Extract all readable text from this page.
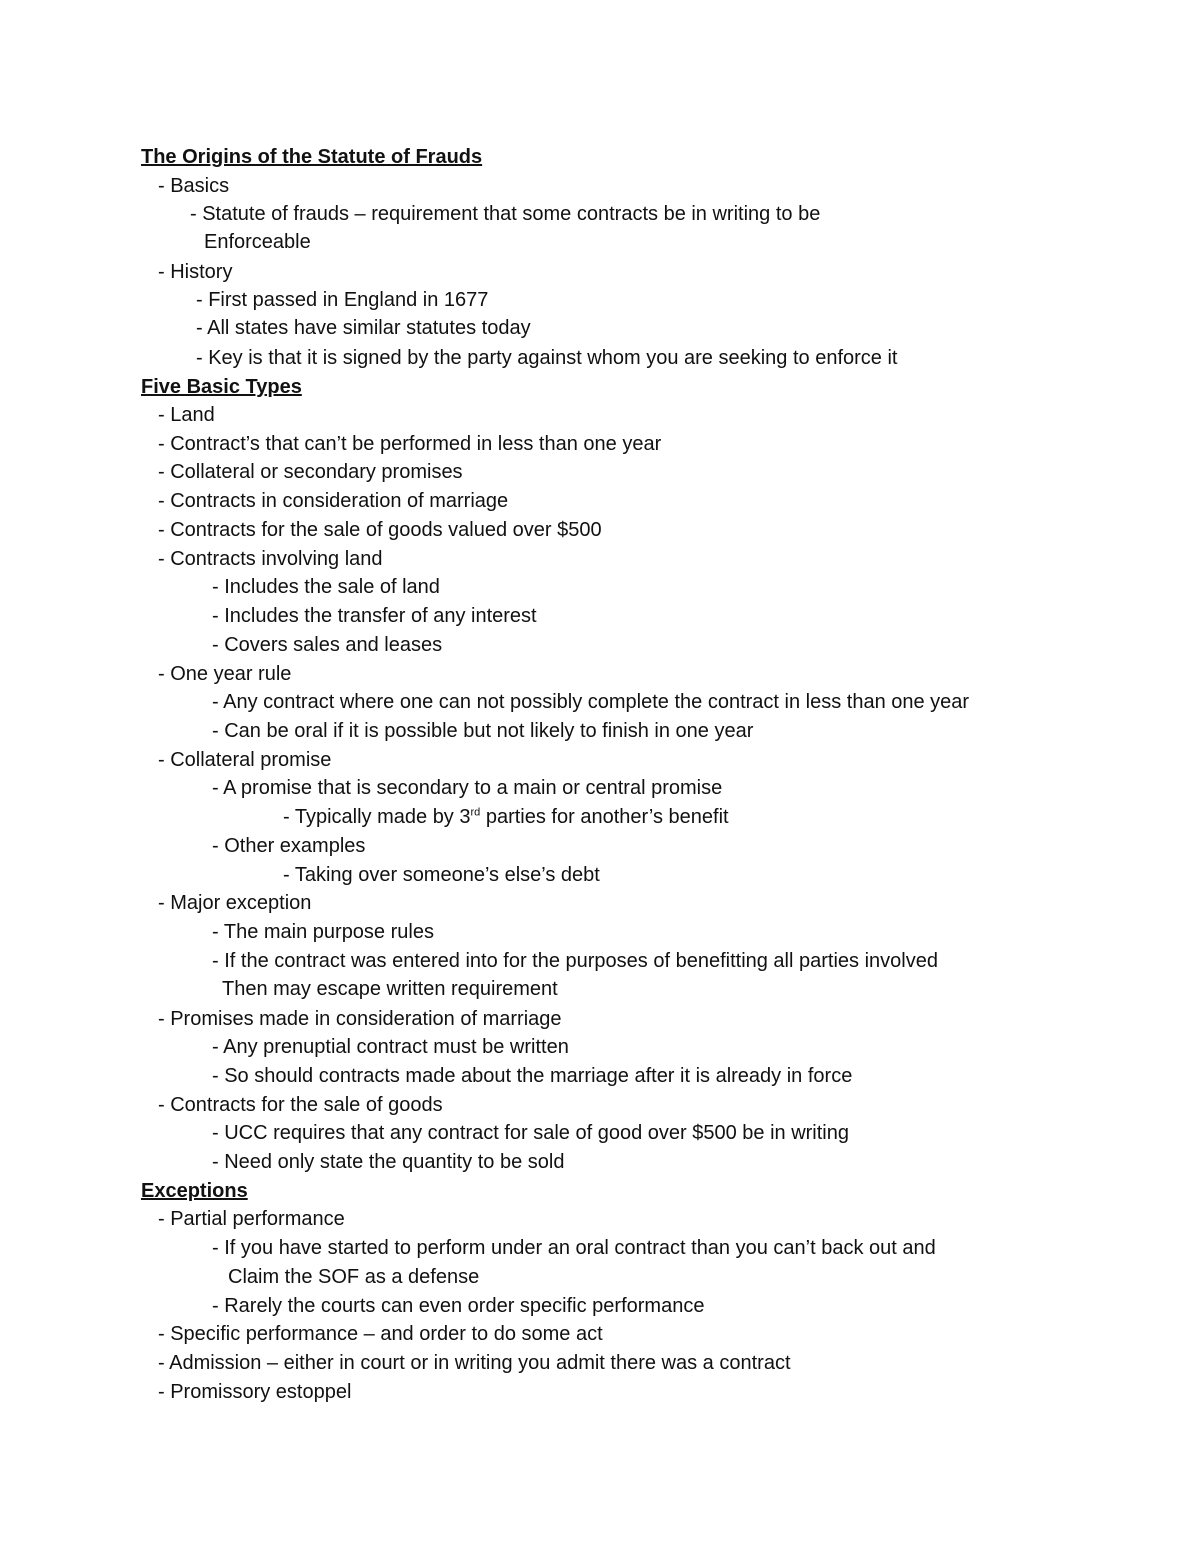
The Origins of the Statute of Frauds
- Basics
- Statute of frauds – requirement that some contracts be in writing to be
Enforceable
- History
- First passed in England in 1677
- All states have similar statutes today
- Key is that it is signed by the party against whom you are seeking to enforce it
Five Basic Types
- Land
- Contract’s that can’t be performed in less than one year
- Collateral or secondary promises
- Contracts in consideration of marriage
- Contracts for the sale of goods valued over $500
- Contracts involving land
- Includes the sale of land
- Includes the transfer of any interest
- Covers sales and leases
- One year rule
- Any contract where one can not possibly complete the contract in less than one year
- Can be oral if it is possible but not likely to finish in one year
- Collateral promise
- A promise that is secondary to a main or central promise
- Typically made by 3rd parties for another’s benefit
- Other examples
- Taking over someone’s else’s debt
- Major exception
- The main purpose rules
- If the contract was entered into for the purposes of benefitting all parties involved
Then may escape written requirement
- Promises made in consideration of marriage
- Any prenuptial contract must be written
- So should contracts made about the marriage after it is already in force
- Contracts for the sale of goods
- UCC requires that any contract for sale of good over $500 be in writing
- Need only state the quantity to be sold
Exceptions
- Partial performance
- If you have started to perform under an oral contract than you can’t back out and
Claim the SOF as a defense
- Rarely the courts can even order specific performance
- Specific performance – and order to do some act
- Admission – either in court or in writing you admit there was a contract
- Promissory estoppel
